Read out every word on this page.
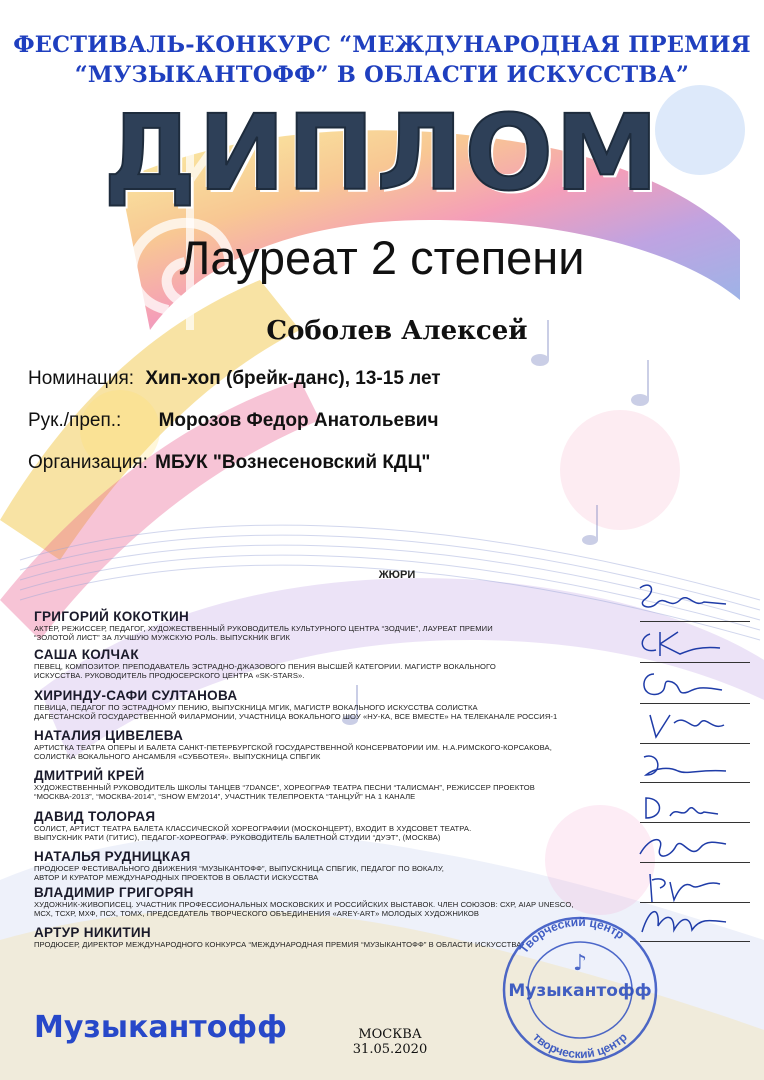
ФЕСТИВАЛЬ-КОНКУРС “МЕЖДУНАРОДНАЯ ПРЕМИЯ
“МУЗЫКАНТОФФ” В ОБЛАСТИ ИСКУССТВА”
ДИПЛОМ
Лауреат 2 степени
Соболев Алексей
Номинация: Хип-хоп (брейк-данс), 13-15 лет
Рук./преп.: Морозов Федор Анатольевич
Организация: МБУК "Вознесеновский КДЦ"
ЖЮРИ
ГРИГОРИЙ КОКОТКИН
АКТЕР, РЕЖИССЕР, ПЕДАГОГ, ХУДОЖЕСТВЕННЫЙ РУКОВОДИТЕЛЬ КУЛЬТУРНОГО ЦЕНТРА “ЗОДЧИЕ”, ЛАУРЕАТ ПРЕМИИ
“ЗОЛОТОЙ ЛИСТ” ЗА ЛУЧШУЮ МУЖСКУЮ РОЛЬ. ВЫПУСКНИК ВГИК
САША КОЛЧАК
ПЕВЕЦ, КОМПОЗИТОР. ПРЕПОДАВАТЕЛЬ ЭСТРАДНО-ДЖАЗОВОГО ПЕНИЯ ВЫСШЕЙ КАТЕГОРИИ. МАГИСТР ВОКАЛЬНОГО
ИСКУССТВА. РУКОВОДИТЕЛЬ ПРОДЮСЕРСКОГО ЦЕНТРА «SK-STARS».
ХИРИНДУ-САФИ СУЛТАНОВА
ПЕВИЦА, ПЕДАГОГ ПО ЭСТРАДНОМУ ПЕНИЮ, ВЫПУСКНИЦА МГИК, МАГИСТР ВОКАЛЬНОГО ИСКУССТВА СОЛИСТКА
ДАГЕСТАНСКОЙ ГОСУДАРСТВЕННОЙ ФИЛАРМОНИИ, УЧАСТНИЦА ВОКАЛЬНОГО ШОУ «НУ-КА, ВСЕ ВМЕСТЕ» НА ТЕЛЕКАНАЛЕ РОССИЯ-1
НАТАЛИЯ ЦИВЕЛЕВА
АРТИСТКА ТЕАТРА ОПЕРЫ И БАЛЕТА САНКТ-ПЕТЕРБУРГСКОЙ ГОСУДАРСТВЕННОЙ КОНСЕРВАТОРИИ ИМ. Н.А.РИМСКОГО-КОРСАКОВА,
СОЛИСТКА ВОКАЛЬНОГО АНСАМБЛЯ «СУББОТЕЯ». ВЫПУСКНИЦА СПБГИК
ДМИТРИЙ КРЕЙ
ХУДОЖЕСТВЕННЫЙ РУКОВОДИТЕЛЬ ШКОЛЫ ТАНЦЕВ “7DANCE”, ХОРЕОГРАФ ТЕАТРА ПЕСНИ “ТАЛИСМАН”, РЕЖИССЕР ПРОЕКТОВ
“МОСКВА-2013”, “МОСКВА-2014”, “SHOW EM'2014”, УЧАСТНИК ТЕЛЕПРОЕКТА “ТАНЦУЙ” НА 1 КАНАЛЕ
ДАВИД ТОЛОРАЯ
СОЛИСТ, АРТИСТ ТЕАТРА БАЛЕТА КЛАССИЧЕСКОЙ ХОРЕОГРАФИИ (МОСКОНЦЕРТ), ВХОДИТ В ХУДСОВЕТ ТЕАТРА.
ВЫПУСКНИК РАТИ (ГИТИС), ПЕДАГОГ-ХОРЕОГРАФ. РУКОВОДИТЕЛЬ БАЛЕТНОЙ СТУДИИ “ДУЭТ”, (МОСКВА)
НАТАЛЬЯ РУДНИЦКАЯ
ПРОДЮСЕР ФЕСТИВАЛЬНОГО ДВИЖЕНИЯ “МУЗЫКАНТОФФ”, ВЫПУСКНИЦА СПБГИК, ПЕДАГОГ ПО ВОКАЛУ,
АВТОР И КУРАТОР МЕЖДУНАРОДНЫХ ПРОЕКТОВ В ОБЛАСТИ ИСКУССТВА
ВЛАДИМИР ГРИГОРЯН
ХУДОЖНИК-ЖИВОПИСЕЦ. УЧАСТНИК ПРОФЕССИОНАЛЬНЫХ МОСКОВСКИХ И РОССИЙСКИХ ВЫСТАВОК. ЧЛЕН СОЮЗОВ: СХР, AIAP UNESCO,
МСХ, ТСХР, МХФ, ПСХ, ТОМХ, ПРЕДСЕДАТЕЛЬ ТВОРЧЕСКОГО ОБЪЕДИНЕНИЯ «AREY-ART» МОЛОДЫХ ХУДОЖНИКОВ
АРТУР НИКИТИН
ПРОДЮСЕР, ДИРЕКТОР МЕЖДУНАРОДНОГО КОНКУРСА “МЕЖДУНАРОДНАЯ ПРЕМИЯ “МУЗЫКАНТОФФ” В ОБЛАСТИ ИСКУССТВА”
Творческий центр
творческий центр
Музыкантофф
♪
Музыкантофф	МОСКВА
31.05.2020
